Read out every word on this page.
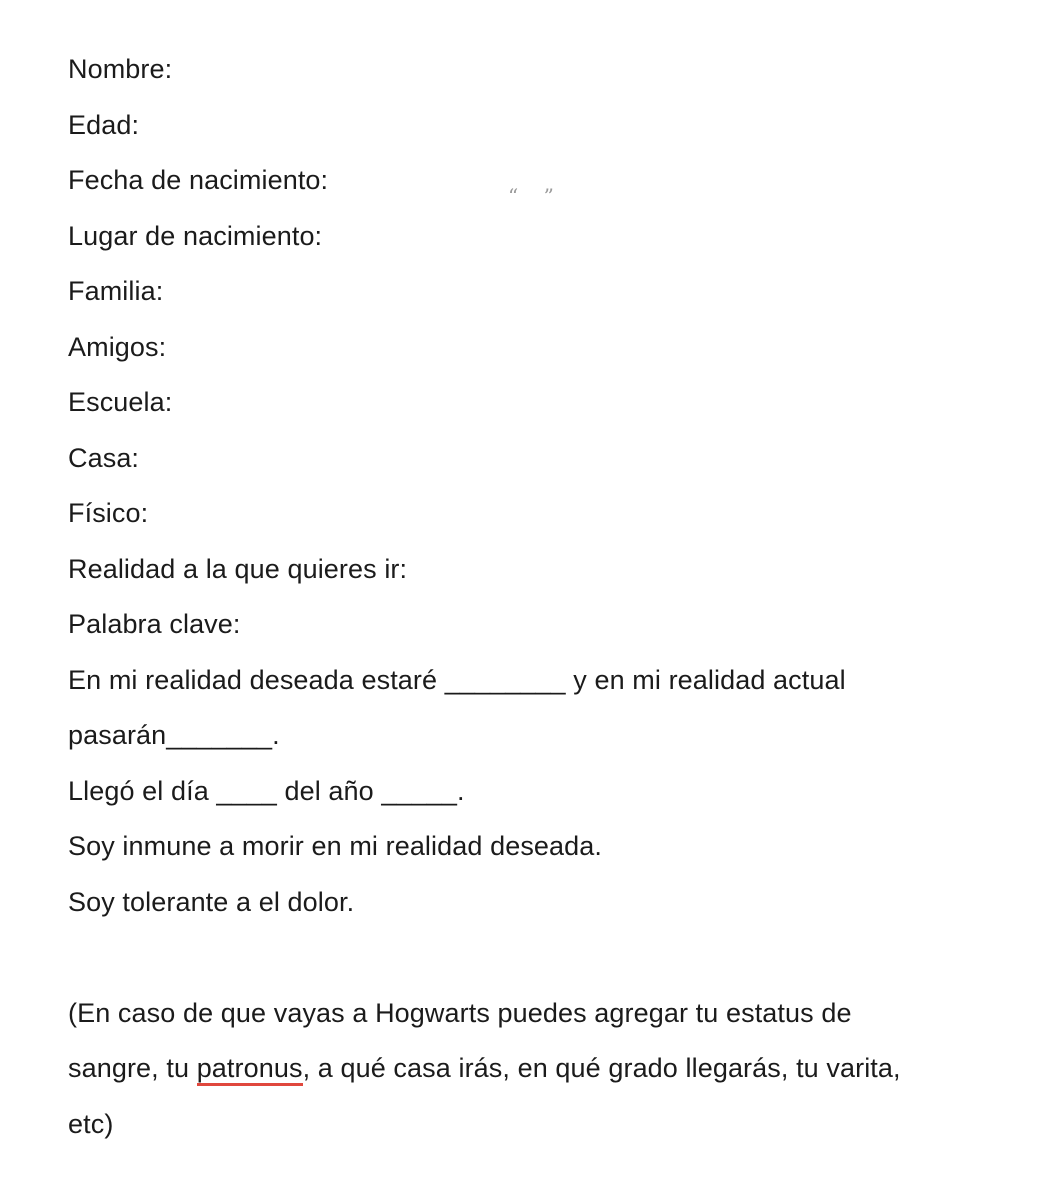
“    ”
Nombre:
Edad:
Fecha de nacimiento:
Lugar de nacimiento:
Familia:
Amigos:
Escuela:
Casa:
Físico:
Realidad a la que quieres ir:
Palabra clave:
En mi realidad deseada estaré ________ y en mi realidad actual
pasarán_______.
Llegó el día ____ del año _____.
Soy inmune a morir en mi realidad deseada.
Soy tolerante a el dolor.
(En caso de que vayas a Hogwarts puedes agregar tu estatus de
sangre, tu patronus, a qué casa irás, en qué grado llegarás, tu varita,
etc)
